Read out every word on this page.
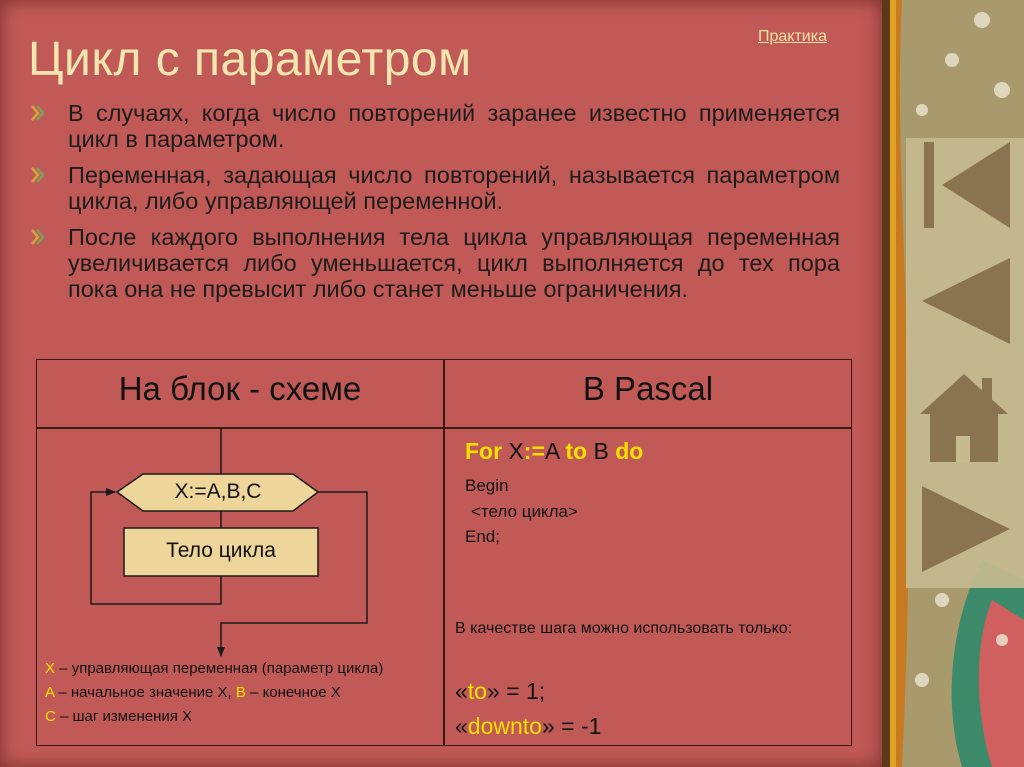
Цикл с параметром	Практика
В случаях, когда число повторений заранее известно применяется цикл в параметром.
Переменная, задающая число повторений, называется параметром цикла, либо управляющей переменной.
После каждого выполнения тела цикла управляющая переменная увеличивается либо уменьшается, цикл выполняется до тех пора пока она не превысит либо станет меньше ограничения.
На блок - схеме	В Pascal
X:=A,B,C
Тело цикла
X – управляющая переменная (параметр цикла)
A – начальное значение X, B – конечное X
C – шаг изменения X
For X:=A to B do
Begin
<тело цикла>
End;
В качестве шага можно использовать только:
«to» = 1;
«downto» = -1
